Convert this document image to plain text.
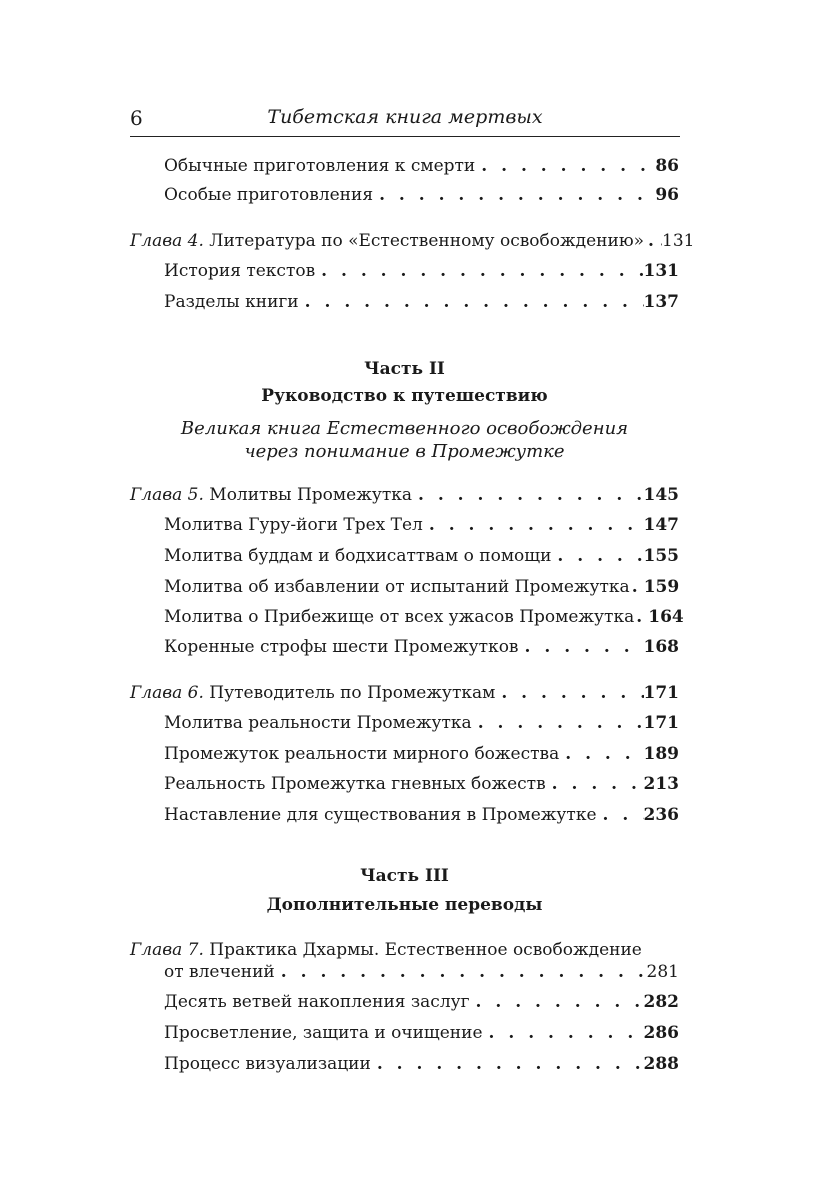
6	Тибетская книга мертвых
Обычные приготовления к смерти . . .	86
Особые приготовления . . .	96
Глава 4. Литература по «Естественному освобождению» . . . 131
История текстов . . .	131
Разделы книги . . .	137
Часть II
Руководство к путешествию
Великая книга Естественного освобождения
через понимание в Промежутке
Глава 5. Молитвы Промежутка . . .	145
Молитва Гуру-йоги Трех Тел . . .	147
Молитва буддам и бодхисаттвам о помощи . . .	155
Молитва об избавлении от испытаний Промежутка . . . 159
Молитва о Прибежище от всех ужасов Промежутка . . . 164
Коренные строфы шести Промежутков . . .	168
Глава 6. Путеводитель по Промежуткам . . .	171
Молитва реальности Промежутка . . .	171
Промежуток реальности мирного божества . . .	189
Реальность Промежутка гневных божеств . . .	213
Наставление для существования в Промежутке . . .	236
Часть III
Дополнительные переводы
Глава 7. Практика Дхармы. Естественное освобождение
от влечений . . .	281
Десять ветвей накопления заслуг . . .	282
Просветление, защита и очищение . . .	286
Процесс визуализации . . .	288
